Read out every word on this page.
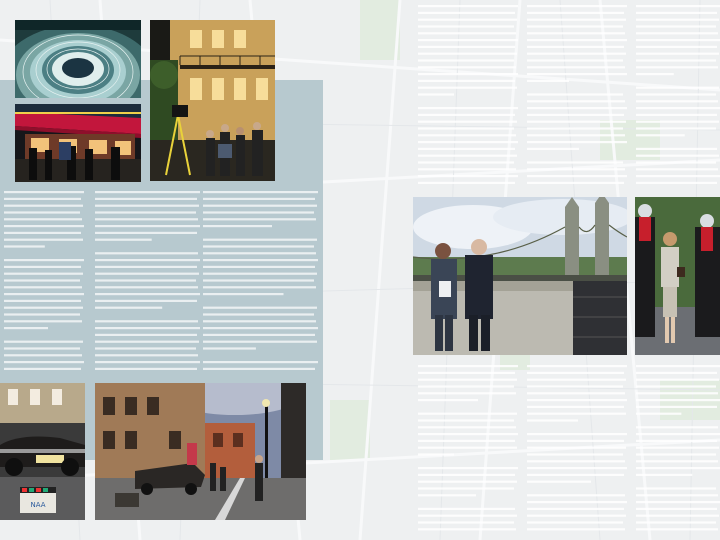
NAA
